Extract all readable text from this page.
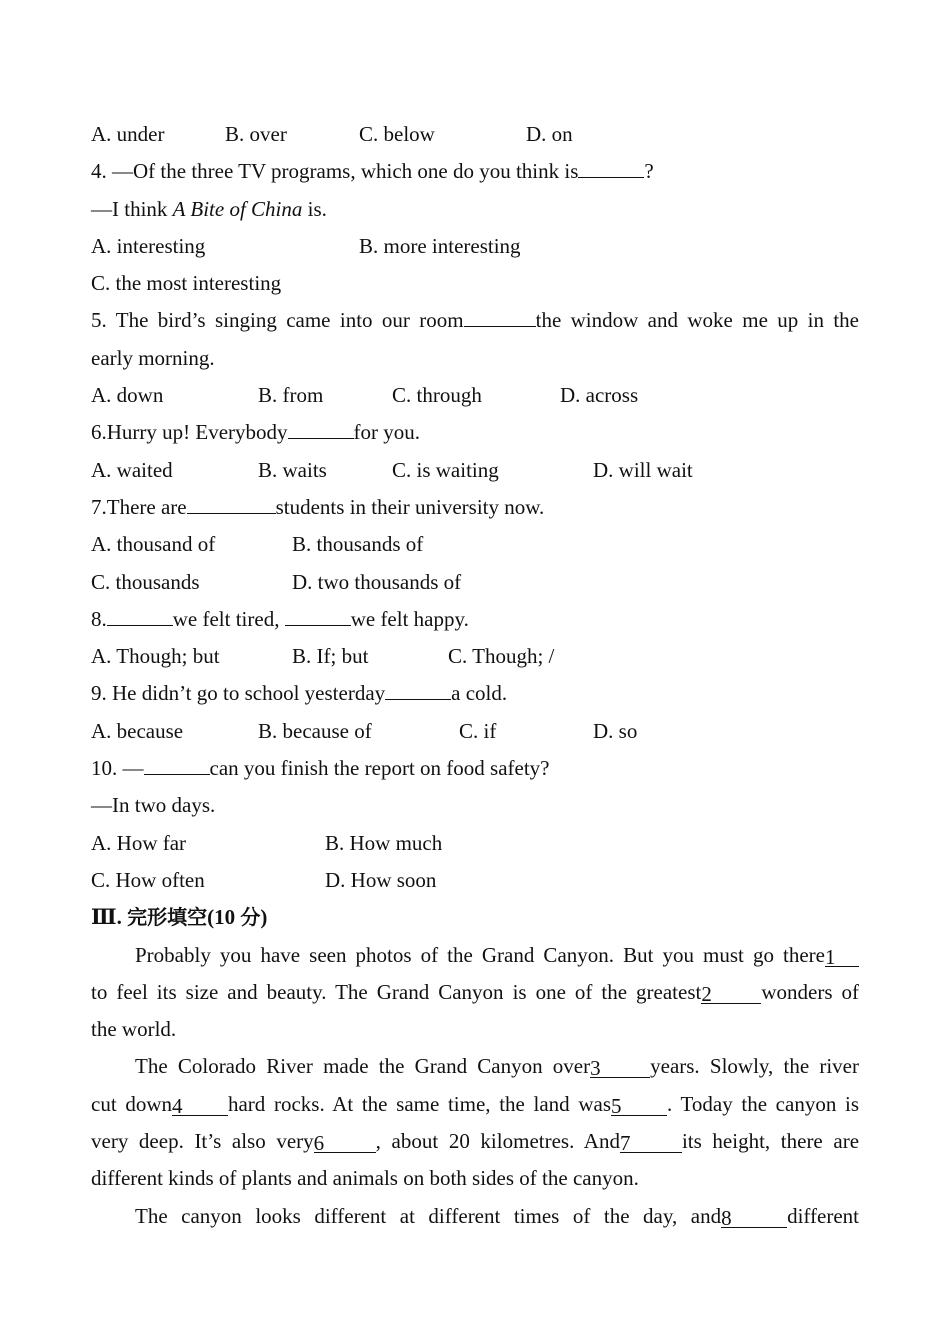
A. under	B. over	C. below	D. on
4. —Of the three TV programs, which one do you think is	?
—I think A Bite of China is.
A. interesting	B. more interesting
C. the most interesting
5. The bird’s singing came into our room	the window and woke me up in the
early morning.
A. down	B. from	C. through	D. across
6.Hurry up! Everybody	for you.
A. waited	B. waits	C. is waiting	D. will wait
7.There are	students in their university now.
A. thousand of	B. thousands of
C. thousands	D. two thousands of
8.	we felt tired,	we felt happy.
A. Though; but	B. If; but	C. Though; /
9. He didn’t go to school yesterday	a cold.
A. because	B. because of	C. if	D. so
10. —	can you finish the report on food safety?
—In two days.
A. How far	B. How much
C. How often	D. How soon
Ⅲ. 完形填空(10 分)
Probably you have seen photos of the Grand Canyon. But you must go there1
to feel its size and beauty. The Grand Canyon is one of the greatest2 wonders of
the world.
The Colorado River made the Grand Canyon over3 years. Slowly, the river
cut down4 hard rocks. At the same time, the land was5 . Today the canyon is
very deep. It’s also very6 , about 20 kilometres. And7 its height, there are
different kinds of plants and animals on both sides of the canyon.
The canyon looks different at different times of the day, and8	different
